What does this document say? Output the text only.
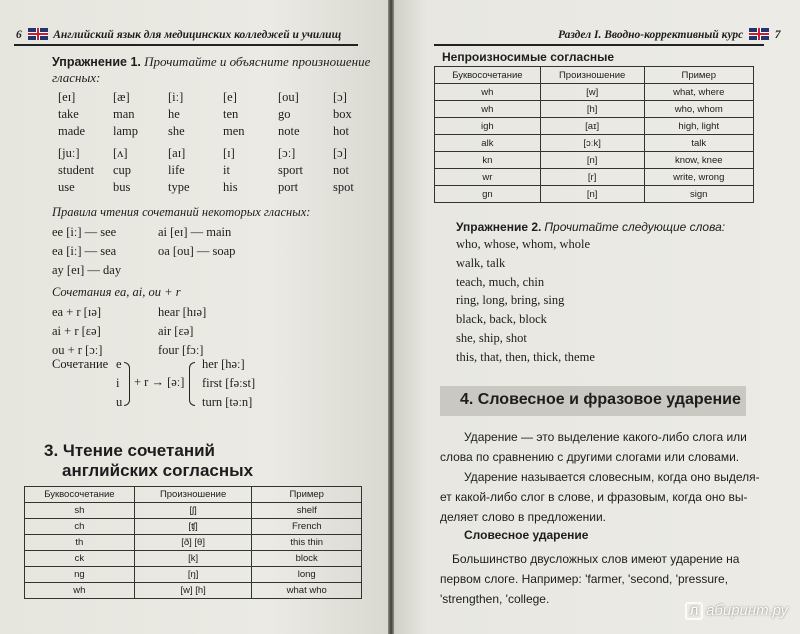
6	Английский язык для медицинских колледжей и училищ
Упражнение 1. Прочитайте и объясните произношение
гласных:
[eɪ]	[æ]	[iː]	[e]	[ou]	[ɔ]
take	man	he	ten	go	box
made	lamp	she	men	note	hot
[juː]	[ʌ]	[aɪ]	[ɪ]	[ɔː]	[ɔ]
student	cup	life	it	sport	not
use	bus	type	his	port	spot
Правила чтения сочетаний некоторых гласных:
Сочетания ea, ai, ou + r
Сочетание
+ r → [əː]
3. Чтение сочетаний
английских согласных
Буквосочетание	Произношение	Пример
sh	[ʃ]	shelf
ch	[ʧ]	French
th	[ð] [θ]	this thin
ck	[k]	block
ng	[ŋ]	long
wh	[w] [h]	what who
ee [iː] — see	ai [eɪ] — main
ea [iː] — sea	oa [ou] — soap
ay [eɪ] — day
ea + r [ɪə]	hear [hɪə]
ai + r [ɛə]	air [ɛə]
ou + r [ɔː]	four [fɔː]
e
i
u
her [həː]
first [fəːst]
turn [təːn]
Раздел I. Вводно-коррективный курс	7
Непроизносимые согласные
Буквосочетание	Произношение	Пример
wh	[w]	what, where
wh	[h]	who, whom
igh	[aɪ]	high, light
alk	[ɔːk]	talk
kn	[n]	know, knee
wr	[r]	write, wrong
gn	[n]	sign
Упражнение 2. Прочитайте следующие слова:
Словесное ударение
who, whose, whom, whole
walk, talk
teach, much, chin
ring, long, bring, sing
black, back, block
she, ship, shot
this, that, then, thick, theme
Ударение — это выделение какого-либо слога или
слова по сравнению с другими слогами или словами.
Ударение называется словесным, когда оно выделя-
ет какой-либо слог в слове, и фразовым, когда оно вы-
деляет слово в предложении.
Большинство двусложных слов имеют ударение на
первом слоге. Например: 'farmer, 'second, 'pressure,
'strengthen, 'college.
4. Словесное и фразовое ударение
Л абиринт.ру
